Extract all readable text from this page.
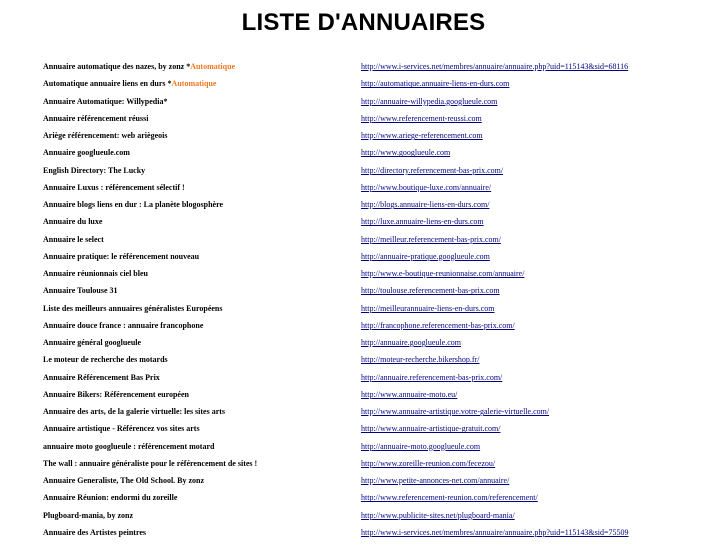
LISTE D'ANNUAIRES
Annuaire automatique des nazes, by zonz *Automatique	http://www.i-services.net/membres/annuaire/annuaire.php?uid=115143&sid=68116
Automatique annuaire liens en durs *Automatique	http://automatique.annuaire-liens-en-durs.com
Annuaire Automatique: Willypedia*	http://annuaire-willypedia.googlueule.com
Annuaire référencement réussi	http://www.referencement-reussi.com
Ariège référencement: web ariègeois	http://www.ariege-referencement.com
Annuaire googlueule.com	http://www.googlueule.com
English Directory: The Lucky	http://directory.referencement-bas-prix.com/
Annuaire Luxus : référencement sélectif !	http://www.boutique-luxe.com/annuaire/
Annuaire blogs liens en dur : La planète blogosphère	http://blogs.annuaire-liens-en-durs.com/
Annuaire du luxe	http://luxe.annuaire-liens-en-durs.com
Annuaire le select	http://meilleur.referencement-bas-prix.com/
Annuaire pratique: le référencement nouveau	http://annuaire-pratique.googlueule.com
Annuaire réunionnais ciel bleu	http://www.e-boutique-reunionnaise.com/annuaire/
Annuaire Toulouse 31	http://toulouse.referencement-bas-prix.com
Liste des meilleurs annuaires généralistes Européens	http://meilleurannuaire-liens-en-durs.com
Annuaire douce france : annuaire francophone	http://francophone.referencement-bas-prix.com/
Annuaire général googlueule	http://annuaire.googlueule.com
Le moteur de recherche des motards	http://moteur-recherche.bikershop.fr/
Annuaire Référencement Bas Prix	http://annuaire.referencement-bas-prix.com/
Annuaire Bikers: Référencement européen	http://www.annuaire-moto.eu/
Annuaire des arts, de la galerie virtuelle: les sites arts	http://www.annuaire-artistique.votre-galerie-virtuelle.com/
Annuaire artistique - Référencez vos sites arts	http://www.annuaire-artistique-gratuit.com/
annuaire moto googlueule : référencement motard	http://annuaire-moto.googlueule.com
The wall : annuaire généraliste pour le référencement de sites !	http://www.zoreille-reunion.com/fecezou/
Annuaire Generaliste, The Old School. By zonz	http://www.petite-annonces-net.com/annuaire/
Annuaire Réunion: endormi du zoreille	http://www.referencement-reunion.com/referencement/
Plugboard-mania, by zonz	http://www.publicite-sites.net/plugboard-mania/
Annuaire des Artistes peintres	http://www.i-services.net/membres/annuaire/annuaire.php?uid=115143&sid=75509
